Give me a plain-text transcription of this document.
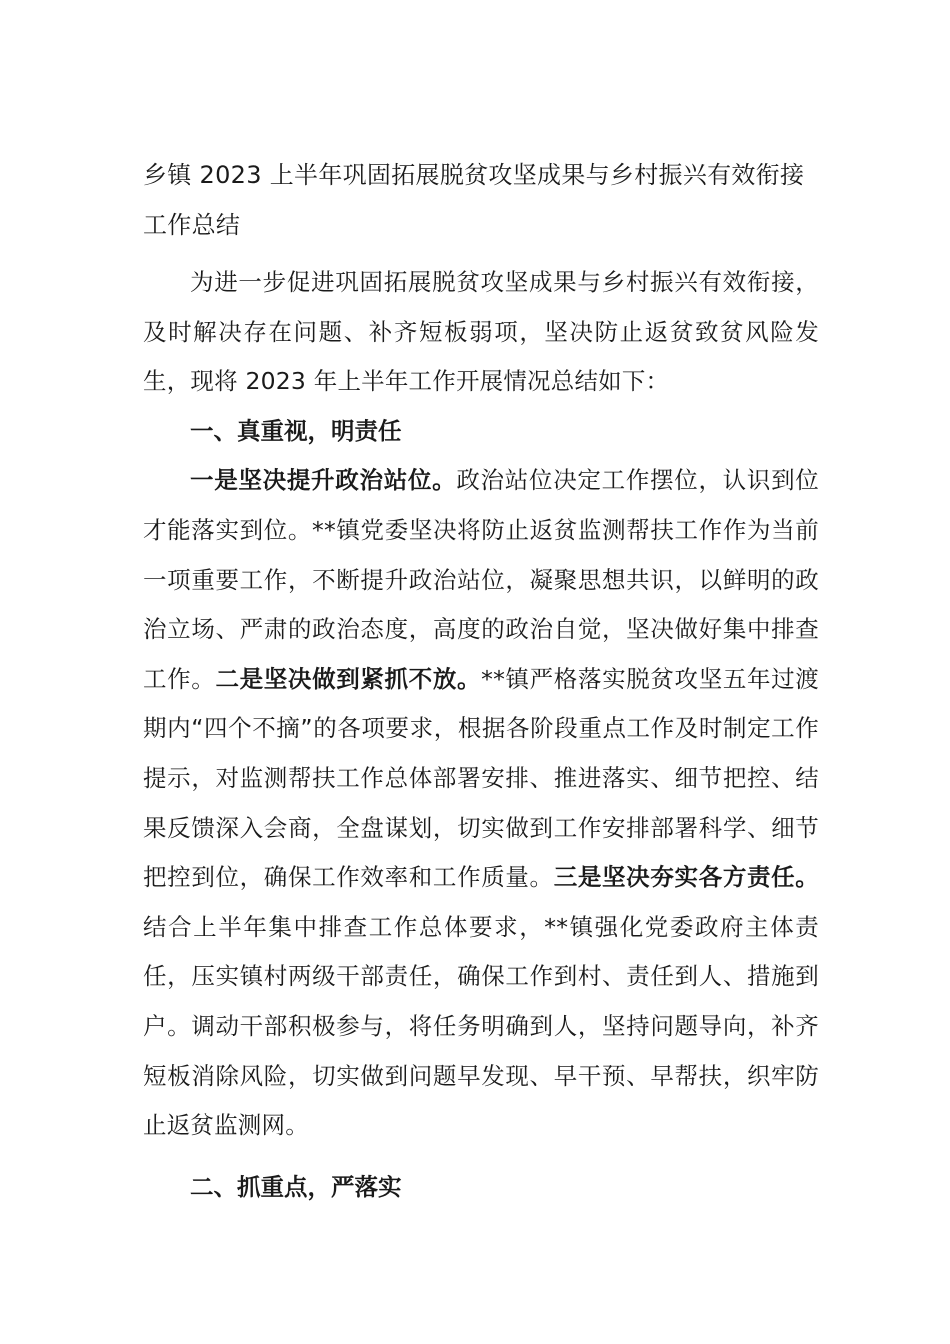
乡镇 2023 上半年巩固拓展脱贫攻坚成果与乡村振兴有效衔接
工作总结

为进一步促进巩固拓展脱贫攻坚成果与乡村振兴有效衔接，及时解决存在问题、补齐短板弱项，坚决防止返贫致贫风险发生，现将 2023 年上半年工作开展情况总结如下：

一、真重视，明责任

一是坚决提升政治站位。政治站位决定工作摆位，认识到位才能落实到位。**镇党委坚决将防止返贫监测帮扶工作作为当前一项重要工作，不断提升政治站位，凝聚思想共识，以鲜明的政治立场、严肃的政治态度，高度的政治自觉，坚决做好集中排查工作。二是坚决做到紧抓不放。**镇严格落实脱贫攻坚五年过渡期内“四个不摘”的各项要求，根据各阶段重点工作及时制定工作提示，对监测帮扶工作总体部署安排、推进落实、细节把控、结果反馈深入会商，全盘谋划，切实做到工作安排部署科学、细节把控到位，确保工作效率和工作质量。三是坚决夯实各方责任。结合上半年集中排查工作总体要求，**镇强化党委政府主体责任，压实镇村两级干部责任，确保工作到村、责任到人、措施到户。调动干部积极参与，将任务明确到人，坚持问题导向，补齐短板消除风险，切实做到问题早发现、早干预、早帮扶，织牢防止返贫监测网。

二、抓重点，严落实
